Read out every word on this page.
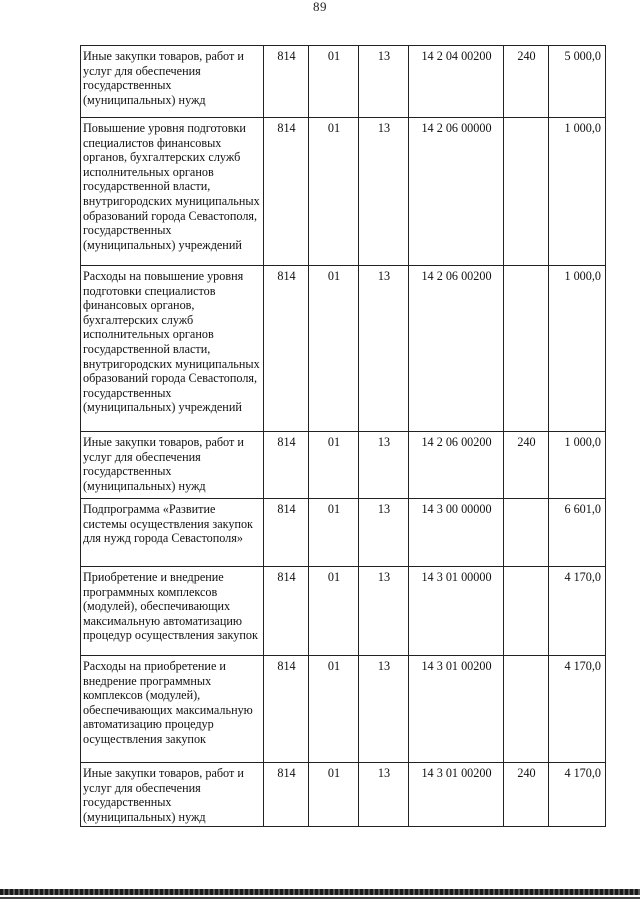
89
Иные закупки товаров, работ и услуг для обеспечения государственных (муниципальных) нужд	814	01	13	14 2 04 00200	240	5 000,0
Повышение уровня подготовки специалистов финансовых органов, бухгалтерских служб исполнительных органов государственной власти, внутригородских муниципальных образований города Севастополя, государственных (муниципальных) учреждений	814	01	13	14 2 06 00000		1 000,0
Расходы на повышение уровня подготовки специалистов финансовых органов, бухгалтерских служб исполнительных органов государственной власти, внутригородских муниципальных образований города Севастополя, государственных (муниципальных) учреждений	814	01	13	14 2 06 00200		1 000,0
Иные закупки товаров, работ и услуг для обеспечения государственных (муниципальных) нужд	814	01	13	14 2 06 00200	240	1 000,0
Подпрограмма «Развитие системы осуществления закупок для нужд города Севастополя»	814	01	13	14 3 00 00000		6 601,0
Приобретение и внедрение программных комплексов (модулей), обеспечивающих максимальную автоматизацию процедур осуществления закупок	814	01	13	14 3 01 00000		4 170,0
Расходы на приобретение и внедрение программных комплексов (модулей), обеспечивающих максимальную автоматизацию процедур осуществления закупок	814	01	13	14 3 01 00200		4 170,0
Иные закупки товаров, работ и услуг для обеспечения государственных (муниципальных) нужд	814	01	13	14 3 01 00200	240	4 170,0
